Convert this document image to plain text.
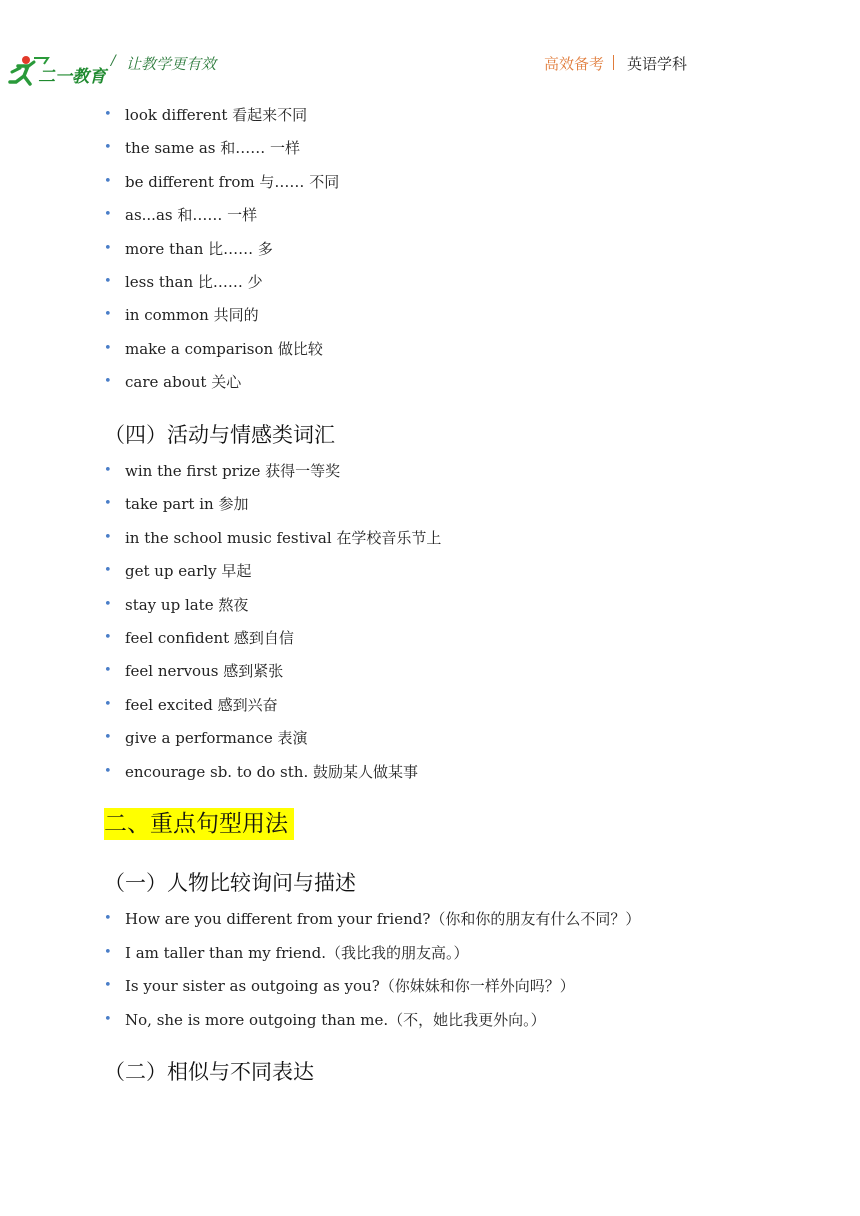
二一教育
/ 让教学更有效	高效备考 英语学科
• look different 看起来不同
• the same as 和…… 一样
• be different from 与…… 不同
• as...as 和…… 一样
• more than 比…… 多
• less than 比…… 少
• in common 共同的
• make a comparison 做比较
• care about 关心
（四）活动与情感类词汇
• win the first prize 获得一等奖
• take part in 参加
• in the school music festival 在学校音乐节上
• get up early 早起
• stay up late 熬夜
• feel confident 感到自信
• feel nervous 感到紧张
• feel excited 感到兴奋
• give a performance 表演
• encourage sb. to do sth. 鼓励某人做某事
二、重点句型用法
（一）人物比较询问与描述
• How are you different from your friend?（你和你的朋友有什么不同？）
• I am taller than my friend.（我比我的朋友高。）
• Is your sister as outgoing as you?（你妹妹和你一样外向吗？）
• No, she is more outgoing than me.（不，她比我更外向。）
（二）相似与不同表达
